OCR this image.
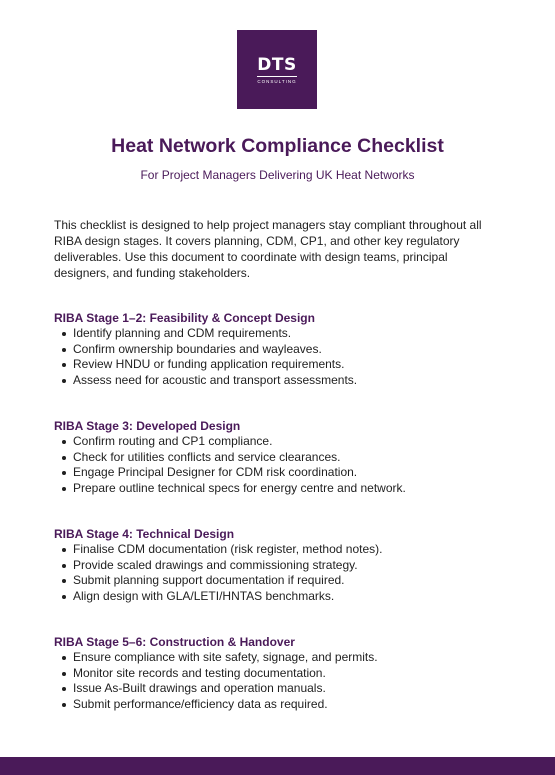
DTS
CONSULTING
Heat Network Compliance Checklist

For Project Managers Delivering UK Heat Networks

This checklist is designed to help project managers stay compliant throughout all RIBA design stages. It covers planning, CDM, CP1, and other key regulatory deliverables. Use this document to coordinate with design teams, principal designers, and funding stakeholders.

RIBA Stage 1–2: Feasibility & Concept Design
Identify planning and CDM requirements.
Confirm ownership boundaries and wayleaves.
Review HNDU or funding application requirements.
Assess need for acoustic and transport assessments.
RIBA Stage 3: Developed Design
Confirm routing and CP1 compliance.
Check for utilities conflicts and service clearances.
Engage Principal Designer for CDM risk coordination.
Prepare outline technical specs for energy centre and network.
RIBA Stage 4: Technical Design
Finalise CDM documentation (risk register, method notes).
Provide scaled drawings and commissioning strategy.
Submit planning support documentation if required.
Align design with GLA/LETI/HNTAS benchmarks.
RIBA Stage 5–6: Construction & Handover
Ensure compliance with site safety, signage, and permits.
Monitor site records and testing documentation.
Issue As-Built drawings and operation manuals.
Submit performance/efficiency data as required.
